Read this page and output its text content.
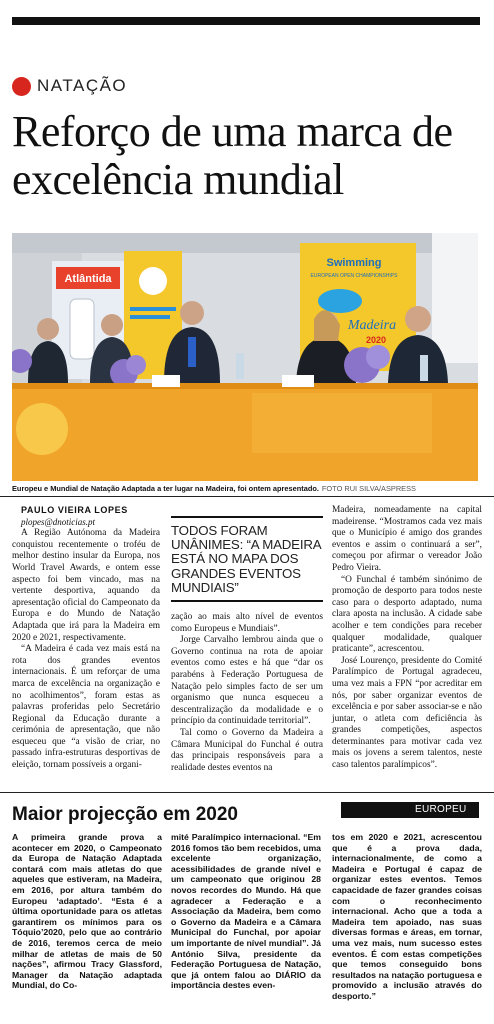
NATAÇÃO
Reforço de uma marca de excelência mundial
Atlântida
Swimming
EUROPEAN OPEN CHAMPIONSHIPS
Madeira
2020
Europeu e Mundial de Natação Adaptada a ter lugar na Madeira, foi ontem apresentado. FOTO RUI SILVA/ASPRESS

PAULO VIEIRA LOPES

plopes@dnoticias.pt

A Região Autónoma da Madeira conquistou recentemente o troféu de melhor destino insular da Europa, nos World Travel Awards, e ontem esse aspecto foi bem vincado, mas na vertente desportiva, aquando da apresentação oficial do Campeonato da Europa e do Mundo de Natação Adaptada que irá para la Madeira em 2020 e 2021, respectivamente.

“A Madeira é cada vez mais está na rota dos grandes eventos internacionais. É um reforçar de uma marca de excelência na organização e no acolhimentos”, foram estas as palavras proferidas pelo Secretário Regional da Educação durante a cerimónia de apresentação, que não esqueceu que “a visão de criar, no passado infra-estruturas desportivas de eleição, tornam possíveis a organi-

TODOS FORAM UNÂNIMES: “A MADEIRA ESTÁ NO MAPA DOS GRANDES EVENTOS MUNDIAIS”

zação ao mais alto nível de eventos como Europeus e Mundiais”.

Jorge Carvalho lembrou ainda que o Governo continua na rota de apoiar eventos como estes e há que “dar os parabéns à Federação Portuguesa de Natação pelo simples facto de ser um organismo que nunca esqueceu a descentralização da modalidade e o princípio da continuidade territorial”.

Tal como o Governo da Madeira a Câmara Municipal do Funchal é outra das principais responsáveis para a realidade destes eventos na

Madeira, nomeadamente na capital madeirense. “Mostramos cada vez mais que o Município é amigo dos grandes eventos e assim o continuará a ser”, começou por afirmar o vereador João Pedro Vieira.

“O Funchal é também sinónimo de promoção de desporto para todos neste caso para o desporto adaptado, numa clara aposta na inclusão. A cidade sabe acolher e tem condições para receber qualquer modalidade, qualquer praticante”, acrescentou.

José Lourenço, presidente do Comité Paralímpico de Portugal agradeceu, uma vez mais a FPN “por acreditar em nós, por saber organizar eventos de excelência e por saber associar-se e não juntar, o atleta com deficiência às grandes competições, aspectos determinantes para motivar cada vez mais os jovens a serem talentos, neste caso talentos paralímpicos”.

Maior projecção em 2020	EUROPEU

A primeira grande prova a acontecer em 2020, o Campeonato da Europa de Natação Adaptada contará com mais atletas do que aqueles que estiveram, na Madeira, em 2016, por altura também do Europeu ‘adaptado’. “Esta é a última oportunidade para os atletas garantirem os mínimos para os Tóquio’2020, pelo que ao contrário de 2016, teremos cerca de meio milhar de atletas de mais de 50 nações”, afirmou Tracy Glassford, Manager da Natação adaptada Mundial, do Co-

mité Paralímpico internacional. “Em 2016 fomos tão bem recebidos, uma excelente organização, acessibilidades de grande nível e um campeonato que originou 28 novos recordes do Mundo. Há que agradecer a Federação e a Associação da Madeira, bem como o Governo da Madeira e a Câmara Municipal do Funchal, por apoiar um importante de nível mundial”. Já António Silva, presidente da Federação Portuguesa de Natação, que já ontem falou ao DIÁRIO da importância destes even-

tos em 2020 e 2021, acrescentou que é a prova dada, internacionalmente, de como a Madeira e Portugal é capaz de organizar estes eventos. Temos capacidade de fazer grandes coisas com o reconhecimento internacional. Acho que a toda a Madeira tem apoiado, nas suas diversas formas e áreas, em tornar, uma vez mais, num sucesso estes eventos. É com estas competições que temos conseguido bons resultados na natação portuguesa e promovido a inclusão através do desporto.”
